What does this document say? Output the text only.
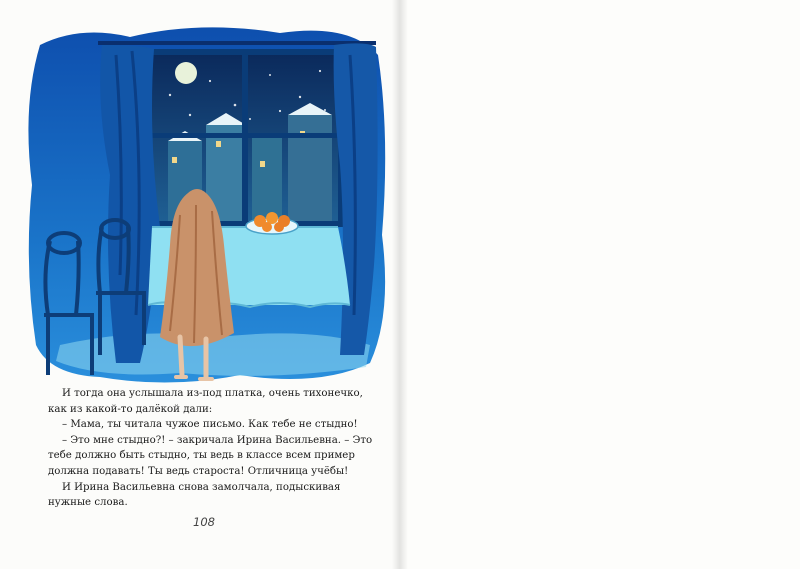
И тогда она услышала из-под платка, очень тихонечко, как из какой-то далёкой дали:

– Мама, ты читала чужое письмо. Как тебе не стыдно!

– Это мне стыдно?! – закричала Ирина Васильевна. – Это тебе должно быть стыдно, ты ведь в классе всем пример должна подавать! Ты ведь староста! Отличница учёбы!

И Ирина Васильевна снова замолчала, подыскивая нужные слова.

108
